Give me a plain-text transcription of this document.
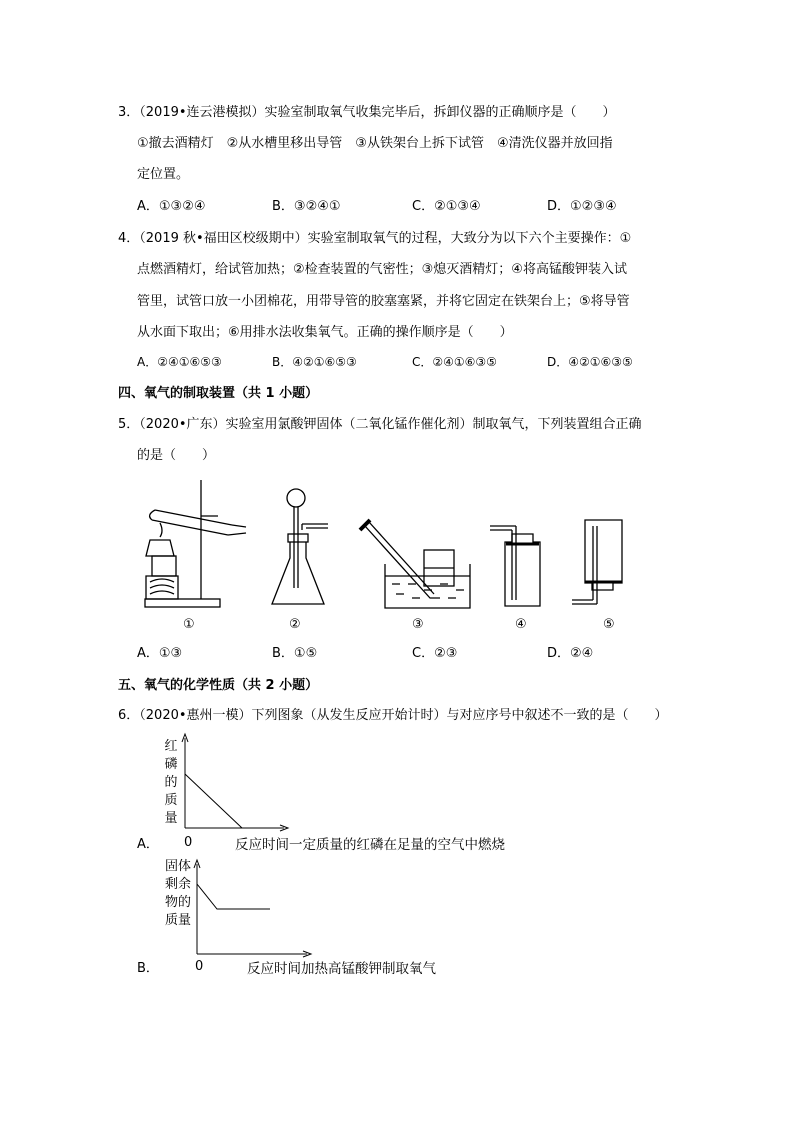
3．（2019•连云港模拟）实验室制取氧气收集完毕后，拆卸仪器的正确顺序是（　　）
①撤去酒精灯　②从水槽里移出导管　③从铁架台上拆下试管　④清洗仪器并放回指
定位置。
A．①③②④	B．③②④①	C．②①③④	D．①②③④
4．（2019 秋•福田区校级期中）实验室制取氧气的过程，大致分为以下六个主要操作：①
点燃酒精灯，给试管加热；②检查装置的气密性；③熄灭酒精灯；④将高锰酸钾装入试
管里，试管口放一小团棉花，用带导管的胶塞塞紧，并将它固定在铁架台上；⑤将导管
从水面下取出；⑥用排水法收集氧气。正确的操作顺序是（　　）
A．②④①⑥⑤③	B．④②①⑥⑤③	C．②④①⑥③⑤	D．④②①⑥③⑤
四、氧气的制取装置（共 1 小题）
5．（2020•广东）实验室用氯酸钾固体（二氧化锰作催化剂）制取氧气，下列装置组合正确
的是（　　）
①	②	③	④	⑤
A．①③	B．①⑤	C．②③	D．②④
五、氧气的化学性质（共 2 小题）
6．（2020•惠州一模）下列图象（从发生反应开始计时）与对应序号中叙述不一致的是（　　）
红
磷
的
质
量
A． 0	反应时间一定质量的红磷在足量的空气中燃烧
固体
剩余
物的
质量
B．	0	反应时间加热高锰酸钾制取氧气
